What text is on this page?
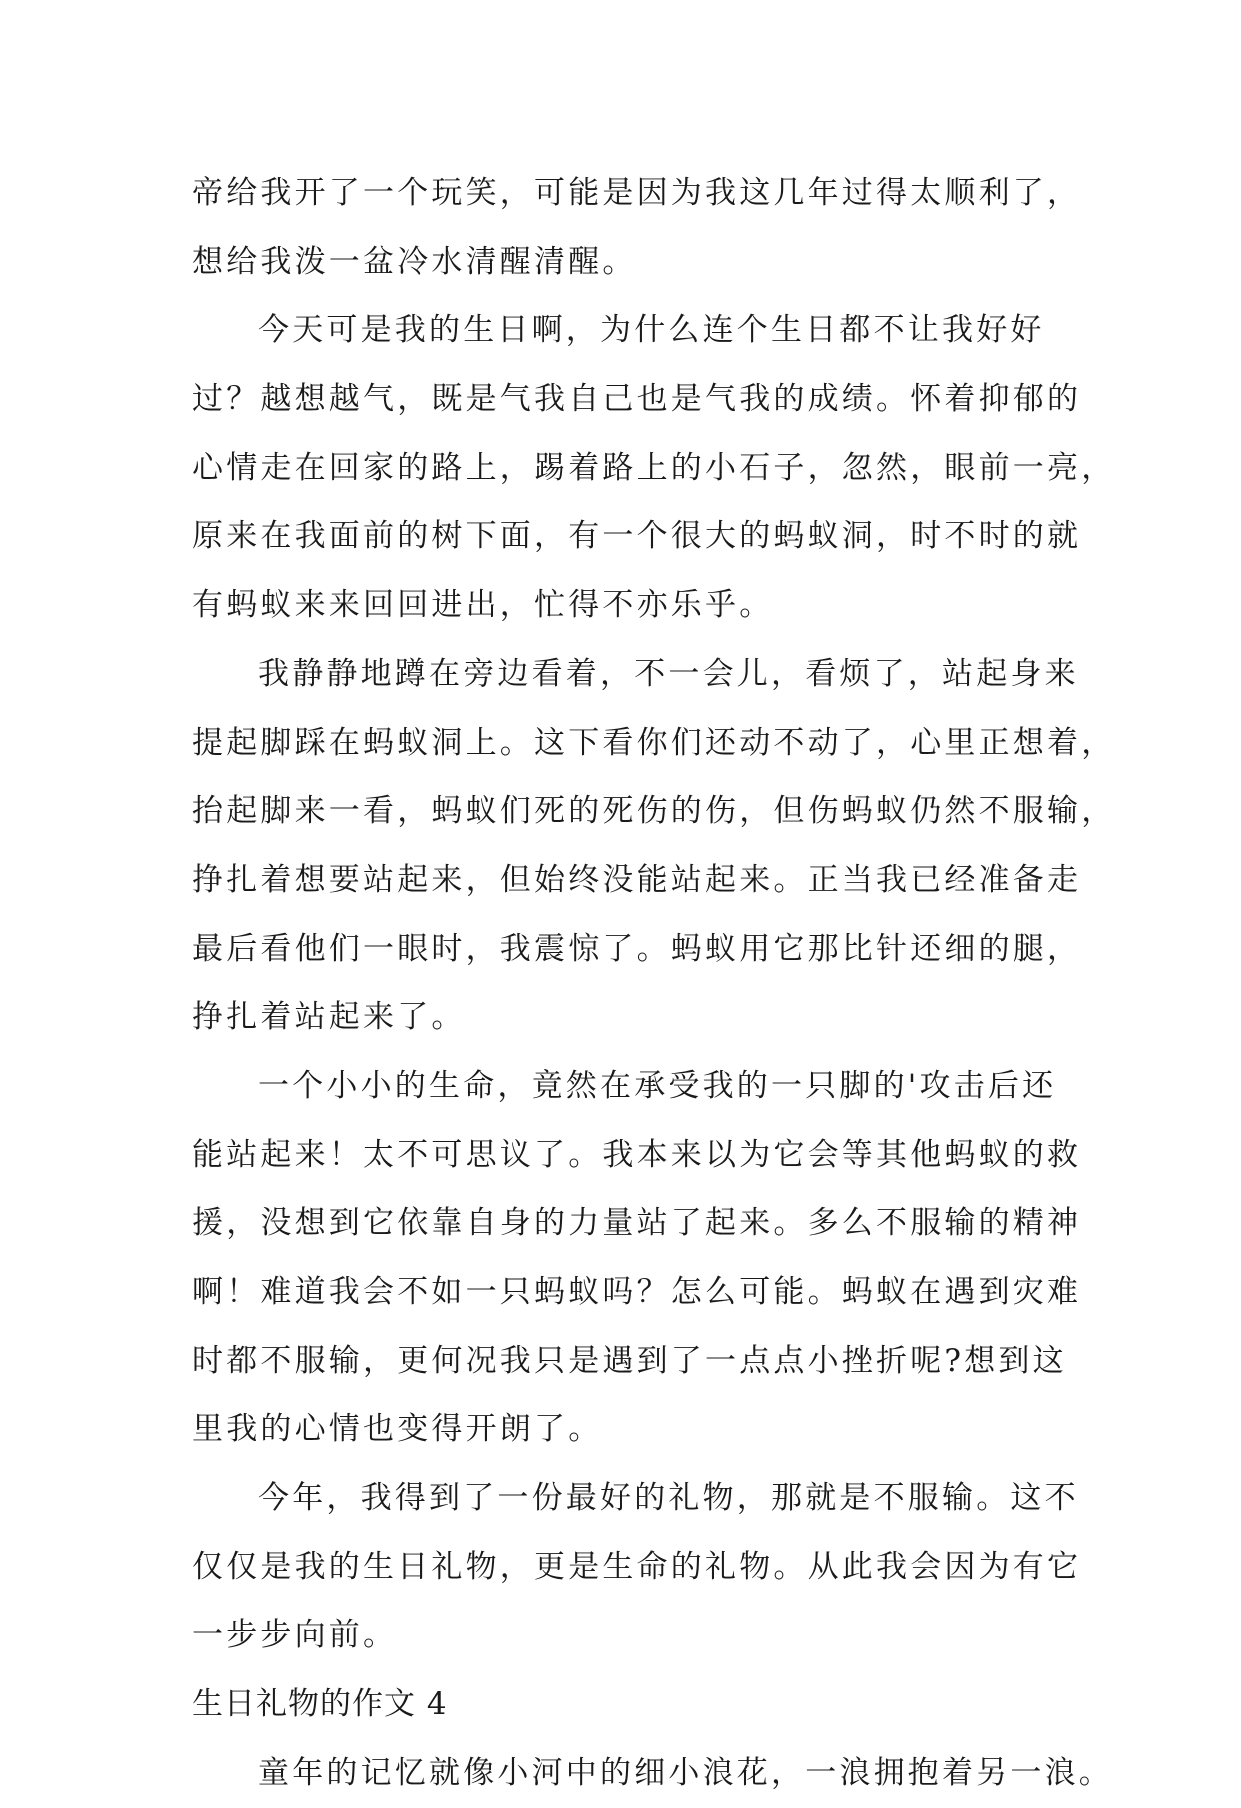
帝给我开了一个玩笑，可能是因为我这几年过得太顺利了，
想给我泼一盆冷水清醒清醒。
今天可是我的生日啊，为什么连个生日都不让我好好
过？越想越气，既是气我自己也是气我的成绩。怀着抑郁的
心情走在回家的路上，踢着路上的小石子，忽然，眼前一亮，
原来在我面前的树下面，有一个很大的蚂蚁洞，时不时的就
有蚂蚁来来回回进出，忙得不亦乐乎。
我静静地蹲在旁边看着，不一会儿，看烦了，站起身来
提起脚踩在蚂蚁洞上。这下看你们还动不动了，心里正想着，
抬起脚来一看，蚂蚁们死的死伤的伤，但伤蚂蚁仍然不服输，
挣扎着想要站起来，但始终没能站起来。正当我已经准备走
最后看他们一眼时，我震惊了。蚂蚁用它那比针还细的腿，
挣扎着站起来了。
一个小小的生命，竟然在承受我的一只脚的'攻击后还
能站起来！太不可思议了。我本来以为它会等其他蚂蚁的救
援，没想到它依靠自身的力量站了起来。多么不服输的精神
啊！难道我会不如一只蚂蚁吗？怎么可能。蚂蚁在遇到灾难
时都不服输，更何况我只是遇到了一点点小挫折呢?想到这
里我的心情也变得开朗了。
今年，我得到了一份最好的礼物，那就是不服输。这不
仅仅是我的生日礼物，更是生命的礼物。从此我会因为有它
一步步向前。
生日礼物的作文 4
童年的记忆就像小河中的细小浪花，一浪拥抱着另一浪。
